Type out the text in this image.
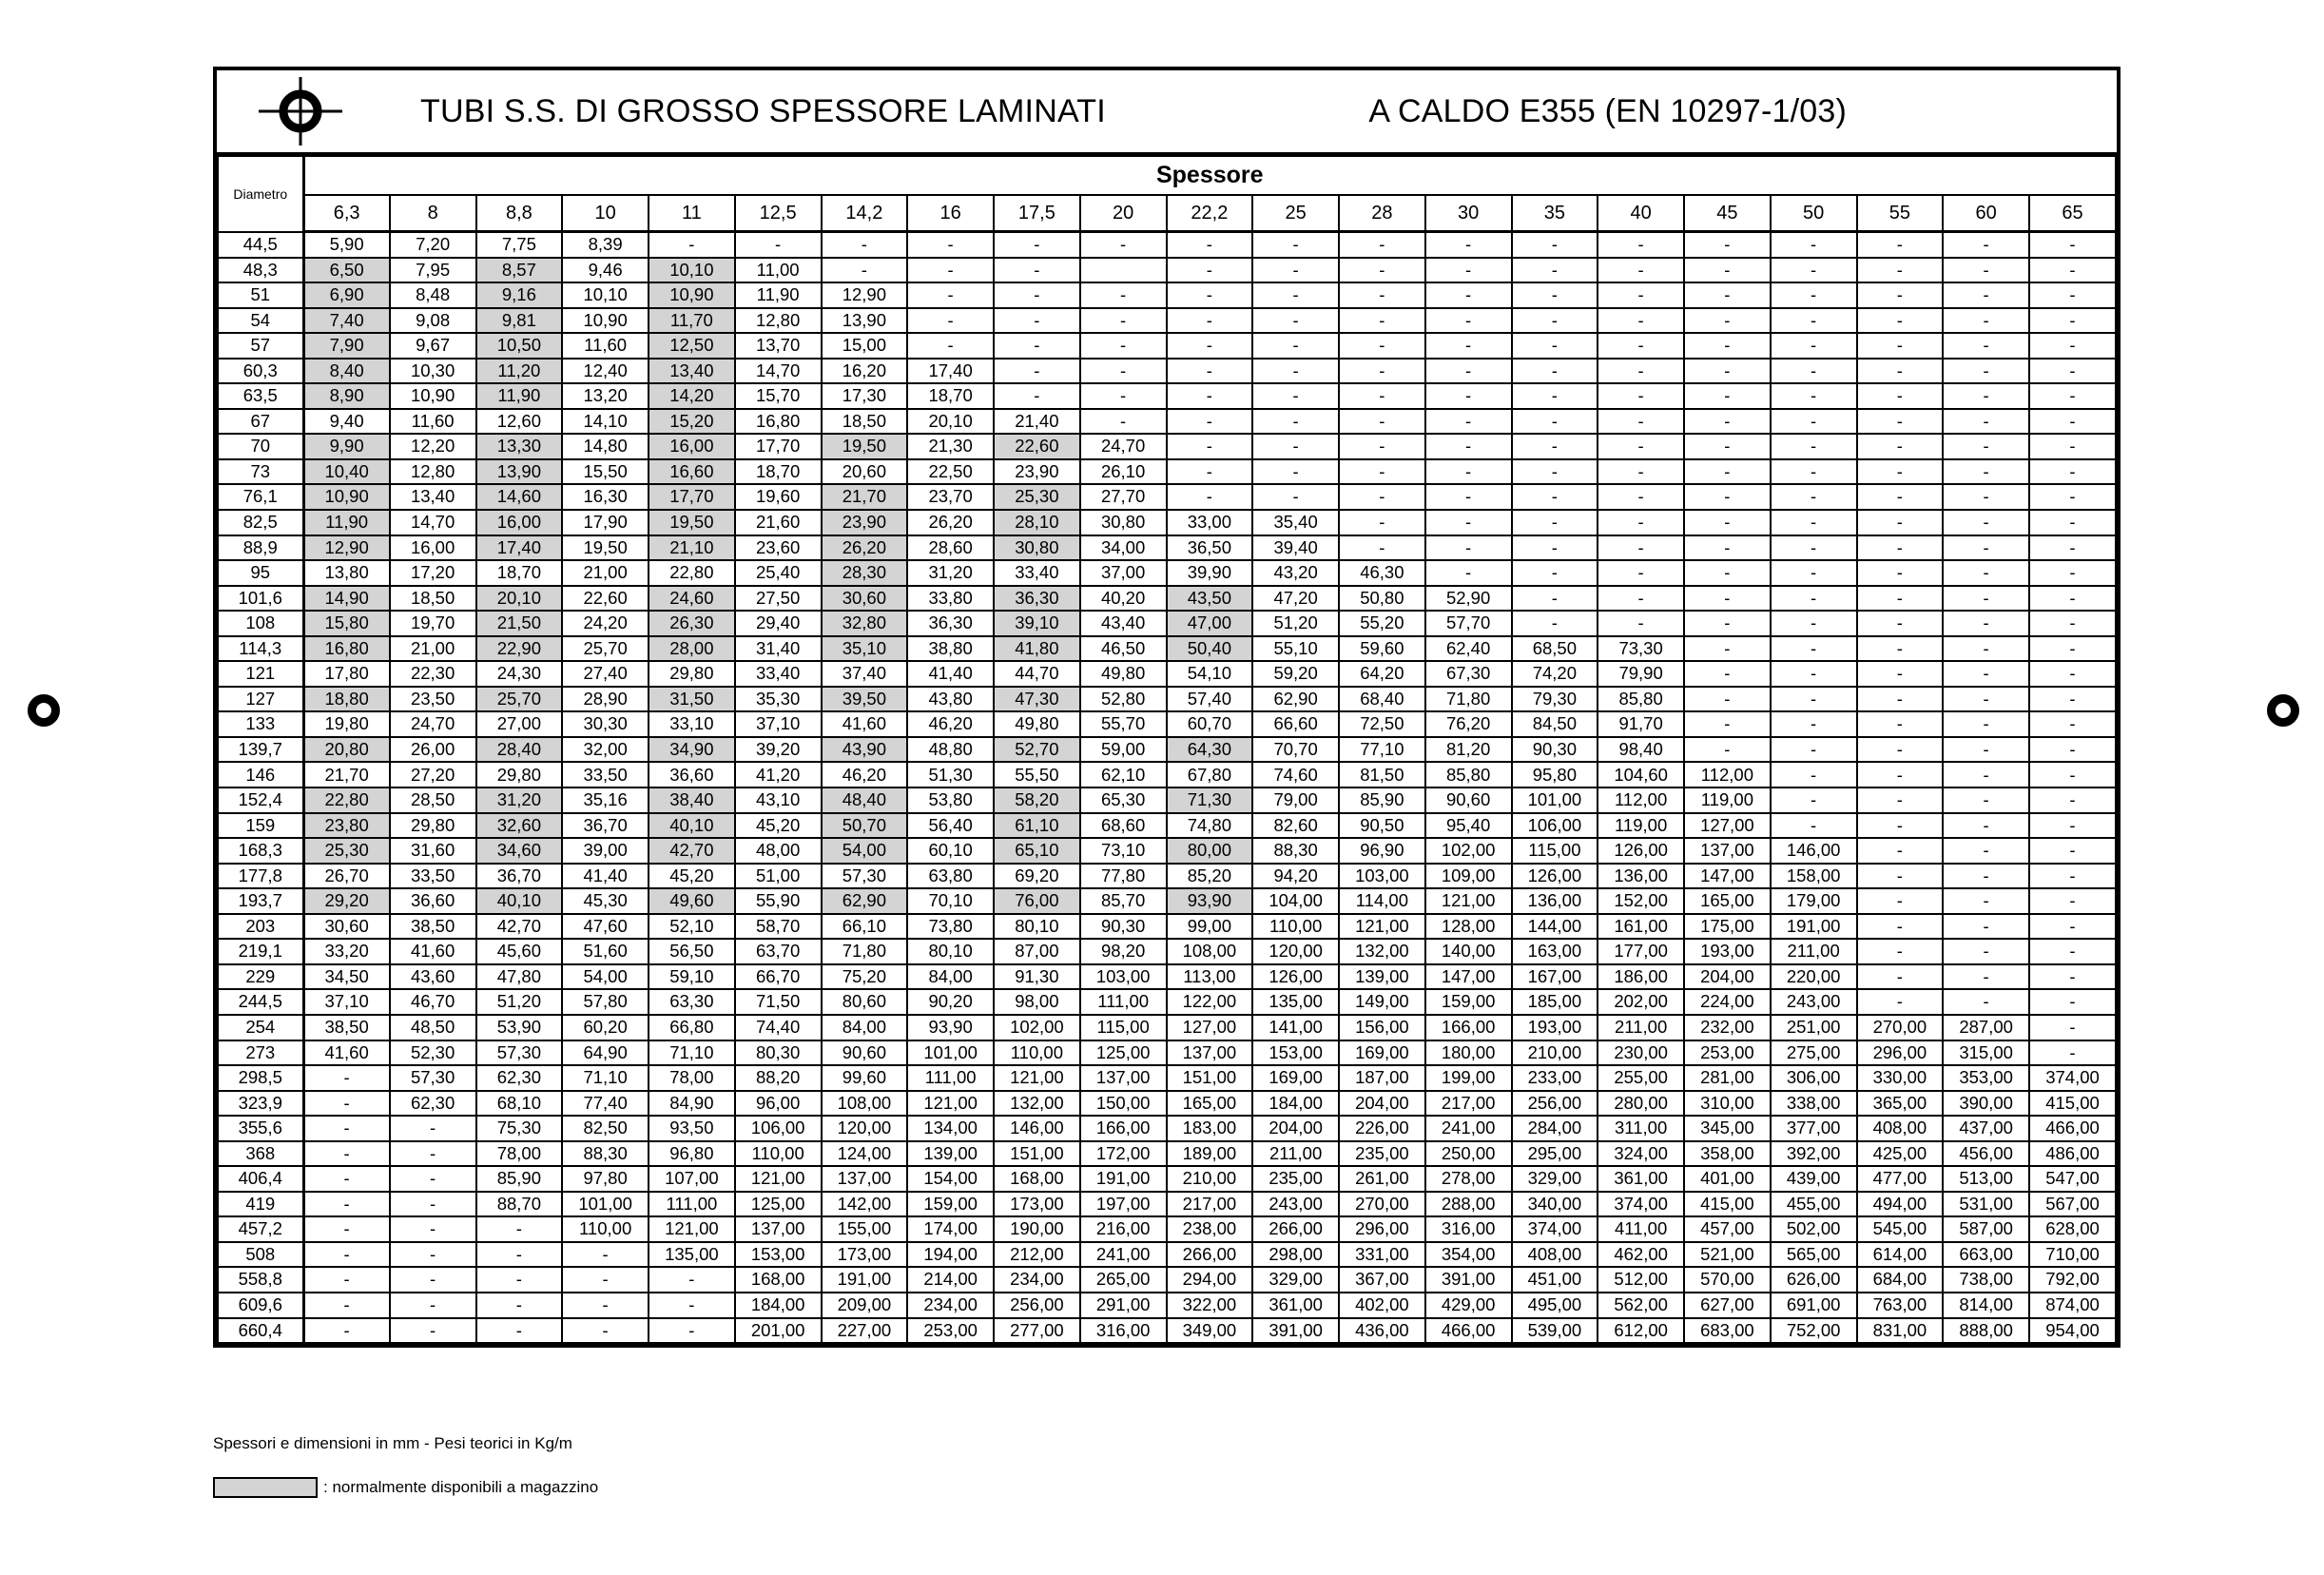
TUBI S.S. DI GROSSO SPESSORE LAMINATI	A CALDO E355 (EN 10297-1/03)
Diametro	Spessore																				
	6,3	8	8,8	10	11	12,5	14,2	16	17,5	20	22,2	25	28	30	35	40	45	50	55	60	65
44,5	5,90	7,20	7,75	8,39	-	-	-	-	-	-	-	-	-	-	-	-	-	-	-	-	-
48,3	6,50	7,95	8,57	9,46	10,10	11,00	-	-	-		-	-	-	-	-	-	-	-	-	-	-
51	6,90	8,48	9,16	10,10	10,90	11,90	12,90	-	-	-	-	-	-	-	-	-	-	-	-	-	-
54	7,40	9,08	9,81	10,90	11,70	12,80	13,90	-	-	-	-	-	-	-	-	-	-	-	-	-	-
57	7,90	9,67	10,50	11,60	12,50	13,70	15,00	-	-	-	-	-	-	-	-	-	-	-	-	-	-
60,3	8,40	10,30	11,20	12,40	13,40	14,70	16,20	17,40	-	-	-	-	-	-	-	-	-	-	-	-	-
63,5	8,90	10,90	11,90	13,20	14,20	15,70	17,30	18,70	-	-	-	-	-	-	-	-	-	-	-	-	-
67	9,40	11,60	12,60	14,10	15,20	16,80	18,50	20,10	21,40	-	-	-	-	-	-	-	-	-	-	-	-
70	9,90	12,20	13,30	14,80	16,00	17,70	19,50	21,30	22,60	24,70	-	-	-	-	-	-	-	-	-	-	-
73	10,40	12,80	13,90	15,50	16,60	18,70	20,60	22,50	23,90	26,10	-	-	-	-	-	-	-	-	-	-	-
76,1	10,90	13,40	14,60	16,30	17,70	19,60	21,70	23,70	25,30	27,70	-	-	-	-	-	-	-	-	-	-	-
82,5	11,90	14,70	16,00	17,90	19,50	21,60	23,90	26,20	28,10	30,80	33,00	35,40	-	-	-	-	-	-	-	-	-
88,9	12,90	16,00	17,40	19,50	21,10	23,60	26,20	28,60	30,80	34,00	36,50	39,40	-	-	-	-	-	-	-	-	-
95	13,80	17,20	18,70	21,00	22,80	25,40	28,30	31,20	33,40	37,00	39,90	43,20	46,30	-	-	-	-	-	-	-	-
101,6	14,90	18,50	20,10	22,60	24,60	27,50	30,60	33,80	36,30	40,20	43,50	47,20	50,80	52,90	-	-	-	-	-	-	-
108	15,80	19,70	21,50	24,20	26,30	29,40	32,80	36,30	39,10	43,40	47,00	51,20	55,20	57,70	-	-	-	-	-	-	-
114,3	16,80	21,00	22,90	25,70	28,00	31,40	35,10	38,80	41,80	46,50	50,40	55,10	59,60	62,40	68,50	73,30	-	-	-	-	-
121	17,80	22,30	24,30	27,40	29,80	33,40	37,40	41,40	44,70	49,80	54,10	59,20	64,20	67,30	74,20	79,90	-	-	-	-	-
127	18,80	23,50	25,70	28,90	31,50	35,30	39,50	43,80	47,30	52,80	57,40	62,90	68,40	71,80	79,30	85,80	-	-	-	-	-
133	19,80	24,70	27,00	30,30	33,10	37,10	41,60	46,20	49,80	55,70	60,70	66,60	72,50	76,20	84,50	91,70	-	-	-	-	-
139,7	20,80	26,00	28,40	32,00	34,90	39,20	43,90	48,80	52,70	59,00	64,30	70,70	77,10	81,20	90,30	98,40	-	-	-	-	-
146	21,70	27,20	29,80	33,50	36,60	41,20	46,20	51,30	55,50	62,10	67,80	74,60	81,50	85,80	95,80	104,60	112,00	-	-	-	-
152,4	22,80	28,50	31,20	35,16	38,40	43,10	48,40	53,80	58,20	65,30	71,30	79,00	85,90	90,60	101,00	112,00	119,00	-	-	-	-
159	23,80	29,80	32,60	36,70	40,10	45,20	50,70	56,40	61,10	68,60	74,80	82,60	90,50	95,40	106,00	119,00	127,00	-	-	-	-
168,3	25,30	31,60	34,60	39,00	42,70	48,00	54,00	60,10	65,10	73,10	80,00	88,30	96,90	102,00	115,00	126,00	137,00	146,00	-	-	-
177,8	26,70	33,50	36,70	41,40	45,20	51,00	57,30	63,80	69,20	77,80	85,20	94,20	103,00	109,00	126,00	136,00	147,00	158,00	-	-	-
193,7	29,20	36,60	40,10	45,30	49,60	55,90	62,90	70,10	76,00	85,70	93,90	104,00	114,00	121,00	136,00	152,00	165,00	179,00	-	-	-
203	30,60	38,50	42,70	47,60	52,10	58,70	66,10	73,80	80,10	90,30	99,00	110,00	121,00	128,00	144,00	161,00	175,00	191,00	-	-	-
219,1	33,20	41,60	45,60	51,60	56,50	63,70	71,80	80,10	87,00	98,20	108,00	120,00	132,00	140,00	163,00	177,00	193,00	211,00	-	-	-
229	34,50	43,60	47,80	54,00	59,10	66,70	75,20	84,00	91,30	103,00	113,00	126,00	139,00	147,00	167,00	186,00	204,00	220,00	-	-	-
244,5	37,10	46,70	51,20	57,80	63,30	71,50	80,60	90,20	98,00	111,00	122,00	135,00	149,00	159,00	185,00	202,00	224,00	243,00	-	-	-
254	38,50	48,50	53,90	60,20	66,80	74,40	84,00	93,90	102,00	115,00	127,00	141,00	156,00	166,00	193,00	211,00	232,00	251,00	270,00	287,00	-
273	41,60	52,30	57,30	64,90	71,10	80,30	90,60	101,00	110,00	125,00	137,00	153,00	169,00	180,00	210,00	230,00	253,00	275,00	296,00	315,00	-
298,5	-	57,30	62,30	71,10	78,00	88,20	99,60	111,00	121,00	137,00	151,00	169,00	187,00	199,00	233,00	255,00	281,00	306,00	330,00	353,00	374,00
323,9	-	62,30	68,10	77,40	84,90	96,00	108,00	121,00	132,00	150,00	165,00	184,00	204,00	217,00	256,00	280,00	310,00	338,00	365,00	390,00	415,00
355,6	-	-	75,30	82,50	93,50	106,00	120,00	134,00	146,00	166,00	183,00	204,00	226,00	241,00	284,00	311,00	345,00	377,00	408,00	437,00	466,00
368	-	-	78,00	88,30	96,80	110,00	124,00	139,00	151,00	172,00	189,00	211,00	235,00	250,00	295,00	324,00	358,00	392,00	425,00	456,00	486,00
406,4	-	-	85,90	97,80	107,00	121,00	137,00	154,00	168,00	191,00	210,00	235,00	261,00	278,00	329,00	361,00	401,00	439,00	477,00	513,00	547,00
419	-	-	88,70	101,00	111,00	125,00	142,00	159,00	173,00	197,00	217,00	243,00	270,00	288,00	340,00	374,00	415,00	455,00	494,00	531,00	567,00
457,2	-	-	-	110,00	121,00	137,00	155,00	174,00	190,00	216,00	238,00	266,00	296,00	316,00	374,00	411,00	457,00	502,00	545,00	587,00	628,00
508	-	-	-	-	135,00	153,00	173,00	194,00	212,00	241,00	266,00	298,00	331,00	354,00	408,00	462,00	521,00	565,00	614,00	663,00	710,00
558,8	-	-	-	-	-	168,00	191,00	214,00	234,00	265,00	294,00	329,00	367,00	391,00	451,00	512,00	570,00	626,00	684,00	738,00	792,00
609,6	-	-	-	-	-	184,00	209,00	234,00	256,00	291,00	322,00	361,00	402,00	429,00	495,00	562,00	627,00	691,00	763,00	814,00	874,00
660,4	-	-	-	-	-	201,00	227,00	253,00	277,00	316,00	349,00	391,00	436,00	466,00	539,00	612,00	683,00	752,00	831,00	888,00	954,00
Spessori e dimensioni in mm - Pesi teorici in Kg/m
: normalmente disponibili a magazzino
